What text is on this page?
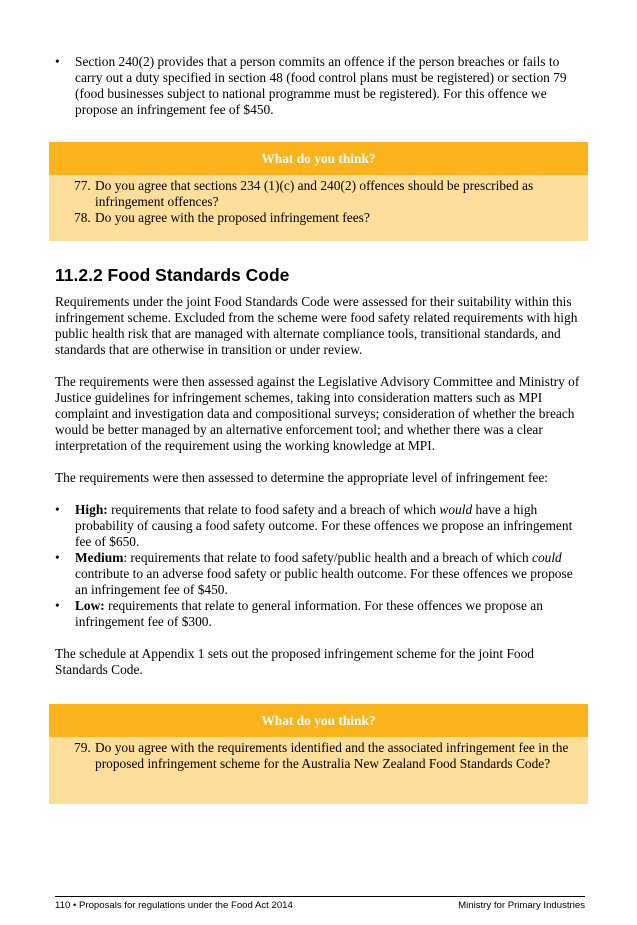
• Section 240(2) provides that a person commits an offence if the person breaches or fails to carry out a duty specified in section 48 (food control plans must be registered) or section 79 (food businesses subject to national programme must be registered). For this offence we propose an infringement fee of $450.
What do you think?
77. Do you agree that sections 234 (1)(c) and 240(2) offences should be prescribed as infringement offences?
78. Do you agree with the proposed infringement fees?
11.2.2 Food Standards Code
Requirements under the joint Food Standards Code were assessed for their suitability within this infringement scheme. Excluded from the scheme were food safety related requirements with high public health risk that are managed with alternate compliance tools, transitional standards, and standards that are otherwise in transition or under review.
The requirements were then assessed against the Legislative Advisory Committee and Ministry of Justice guidelines for infringement schemes, taking into consideration matters such as MPI complaint and investigation data and compositional surveys; consideration of whether the breach would be better managed by an alternative enforcement tool; and whether there was a clear interpretation of the requirement using the working knowledge at MPI.
The requirements were then assessed to determine the appropriate level of infringement fee:
• High: requirements that relate to food safety and a breach of which would have a high probability of causing a food safety outcome. For these offences we propose an infringement fee of $650.
• Medium: requirements that relate to food safety/public health and a breach of which could contribute to an adverse food safety or public health outcome. For these offences we propose an infringement fee of $450.
• Low: requirements that relate to general information. For these offences we propose an infringement fee of $300.
The schedule at Appendix 1 sets out the proposed infringement scheme for the joint Food Standards Code.
What do you think?
79. Do you agree with the requirements identified and the associated infringement fee in the proposed infringement scheme for the Australia New Zealand Food Standards Code?
110 • Proposals for regulations under the Food Act 2014	Ministry for Primary Industries
